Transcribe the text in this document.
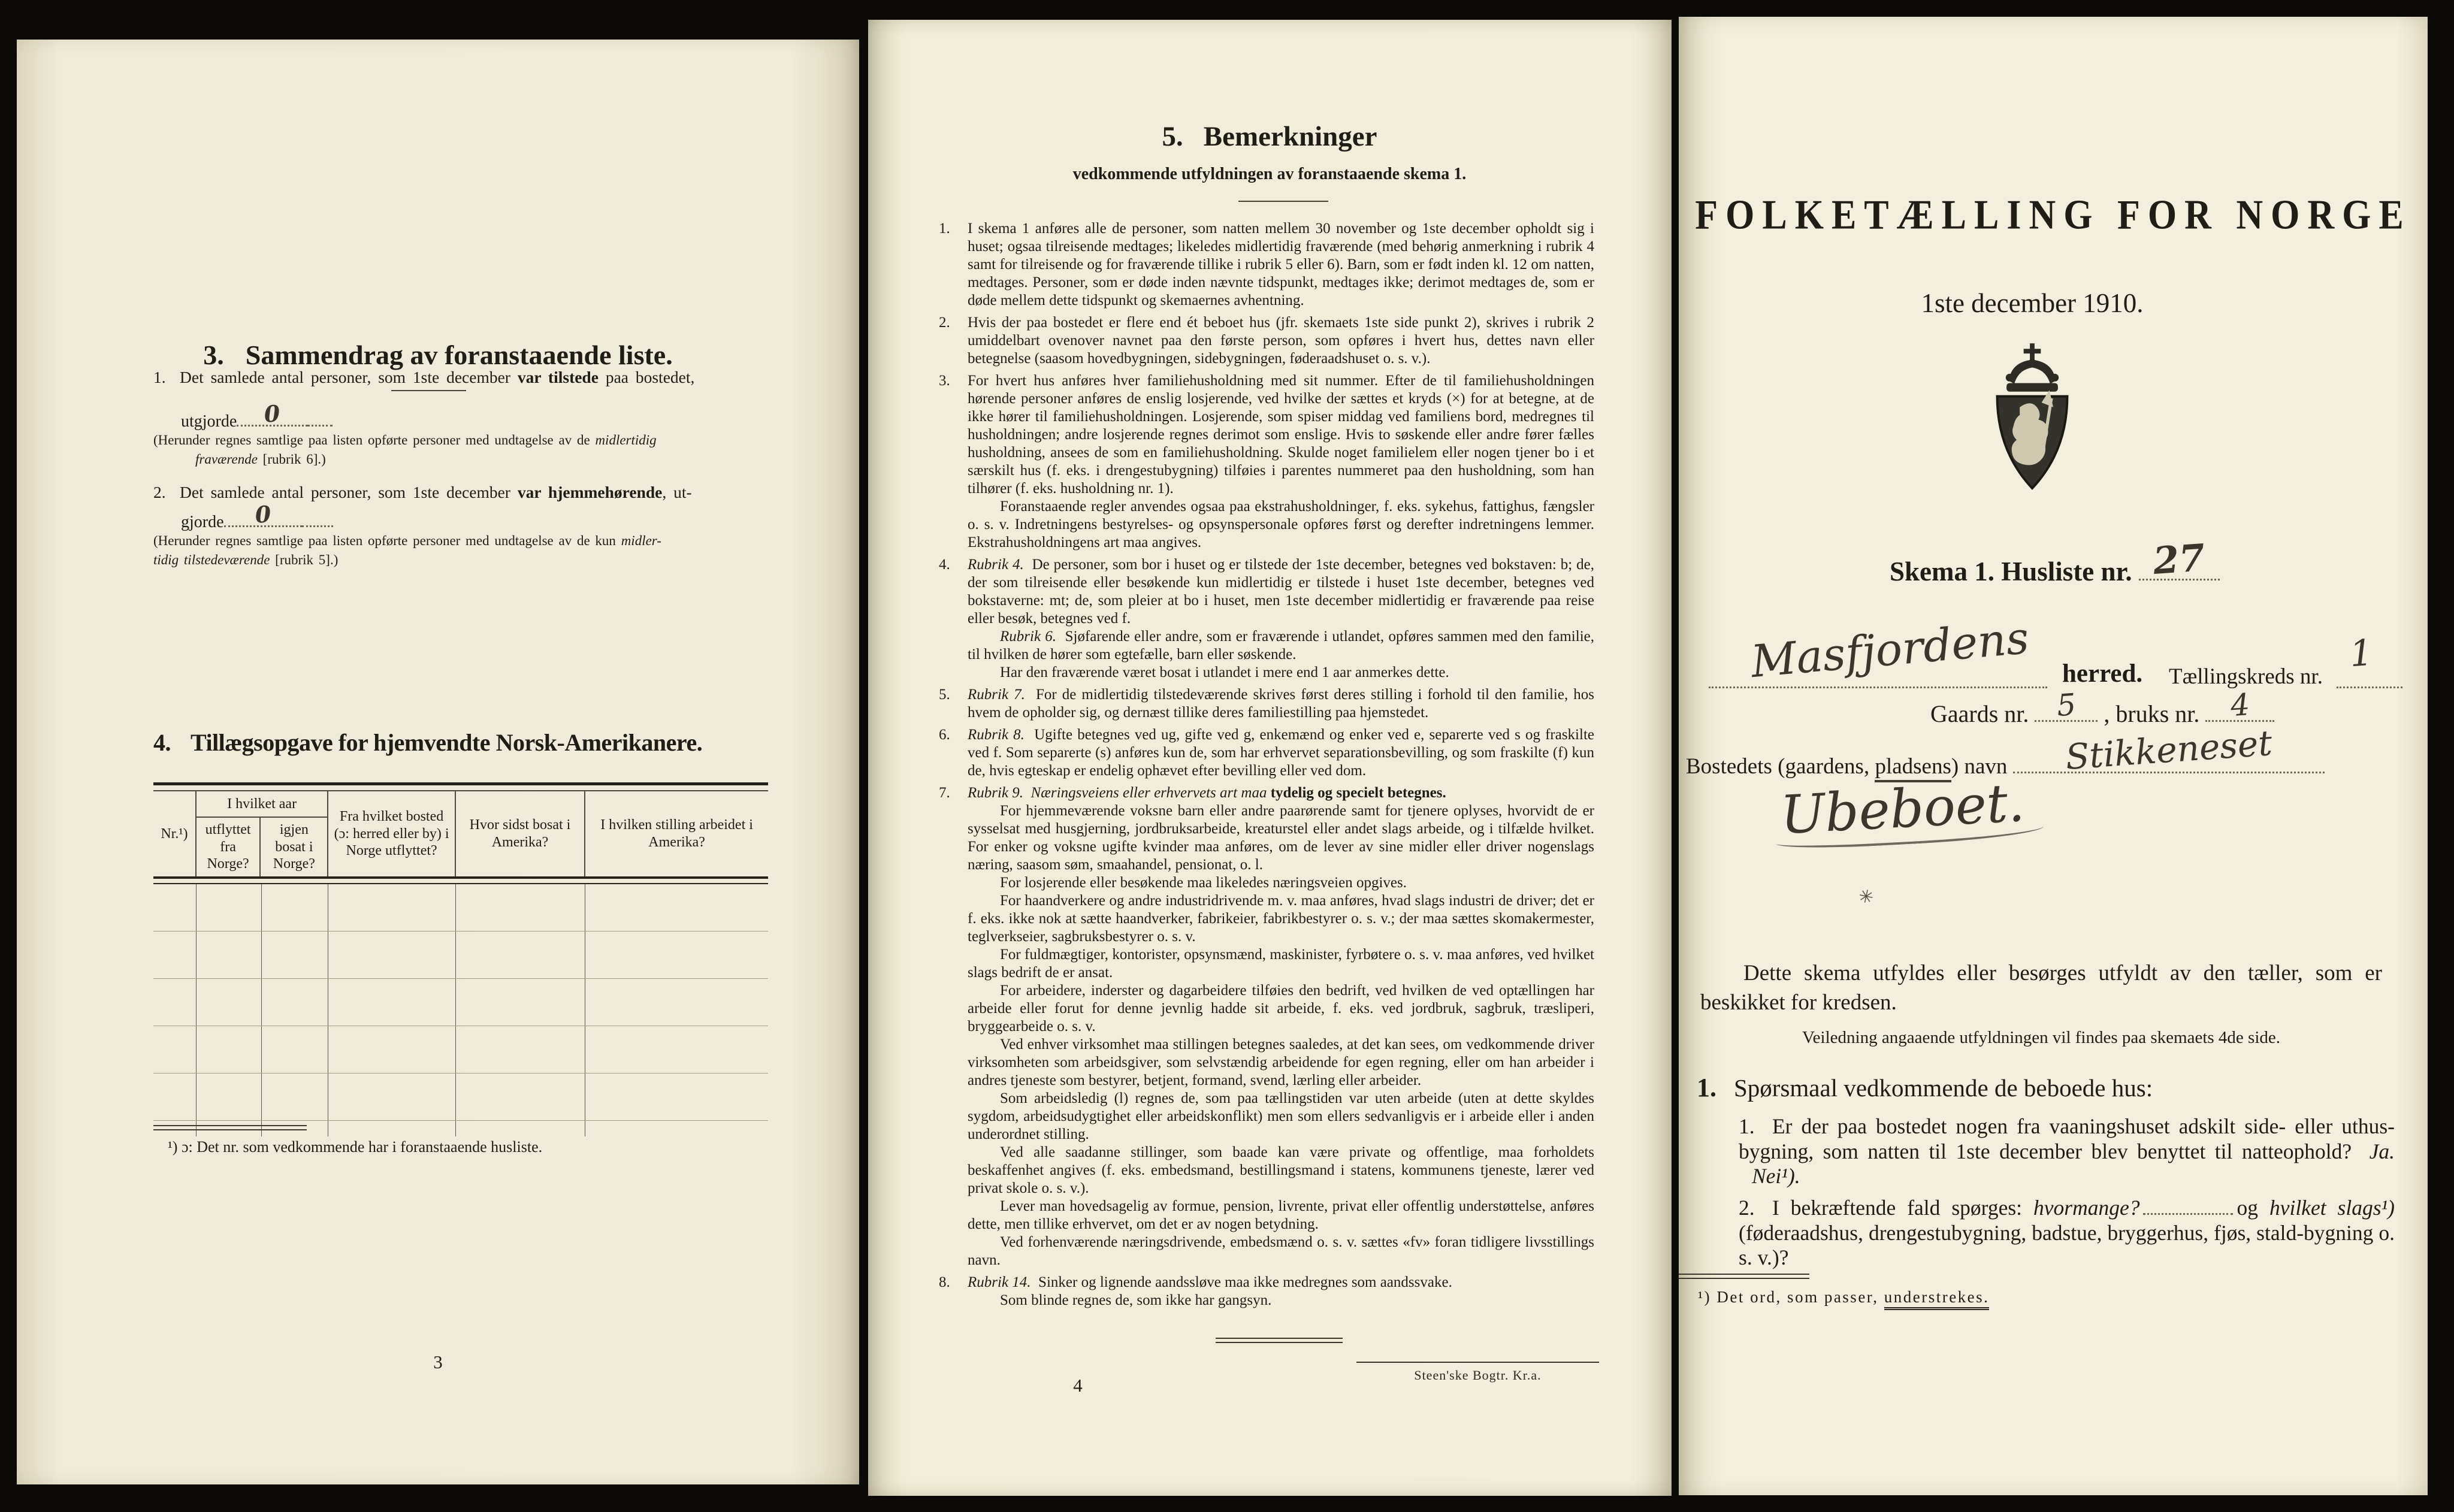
3. Sammendrag av foranstaaende liste.
1. Det samlede antal personer, som 1ste december var tilstede paa bostedet,
utgjorde 0
(Herunder regnes samtlige paa listen opførte personer med undtagelse av de midlertidig
fraværende [rubrik 6].)
2. Det samlede antal personer, som 1ste december var hjemmehørende, ut-
gjorde 0
(Herunder regnes samtlige paa listen opførte personer med undtagelse av de kun midler-
tidig tilstedeværende [rubrik 5].)
4. Tillægsopgave for hjemvendte Norsk-Amerikanere.
Nr.¹)
I hvilket aar
utflyttet fra Norge?
igjen bosat i Norge?
Fra hvilket bosted (ɔ: herred eller by) i Norge utflyttet?
Hvor sidst bosat i Amerika?
I hvilken stilling arbeidet i Amerika?
¹) ɔ: Det nr. som vedkommende har i foranstaaende husliste.
3
5. Bemerkninger
vedkommende utfyldningen av foranstaaende skema 1.
1. I skema 1 anføres alle de personer, som natten mellem 30 november og 1ste december opholdt sig i huset; ogsaa tilreisende medtages; likeledes midlertidig fraværende (med behørig anmerkning i rubrik 4 samt for tilreisende og for fraværende tillike i rubrik 5 eller 6). Barn, som er født inden kl. 12 om natten, medtages. Personer, som er døde inden nævnte tidspunkt, medtages ikke; derimot medtages de, som er døde mellem dette tidspunkt og skemaernes avhentning.

2. Hvis der paa bostedet er flere end ét beboet hus (jfr. skemaets 1ste side punkt 2), skrives i rubrik 2 umiddelbart ovenover navnet paa den første person, som opføres i hvert hus, dettes navn eller betegnelse (saasom hovedbygningen, sidebygningen, føderaadshuset o. s. v.).

3. For hvert hus anføres hver familiehusholdning med sit nummer. Efter de til familiehusholdningen hørende personer anføres de enslig losjerende, ved hvilke der sættes et kryds (×) for at betegne, at de ikke hører til familiehusholdningen. Losjerende, som spiser middag ved familiens bord, medregnes til husholdningen; andre losjerende regnes derimot som enslige. Hvis to søskende eller andre fører fælles husholdning, ansees de som en familiehusholdning. Skulde noget familielem eller nogen tjener bo i et særskilt hus (f. eks. i drengestubygning) tilføies i parentes nummeret paa den husholdning, som han tilhører (f. eks. husholdning nr. 1).

Foranstaaende regler anvendes ogsaa paa ekstrahusholdninger, f. eks. sykehus, fattighus, fængsler o. s. v. Indretningens bestyrelses- og opsynspersonale opføres først og derefter indretningens lemmer. Ekstrahusholdningens art maa angives.

4. Rubrik 4. De personer, som bor i huset og er tilstede der 1ste december, betegnes ved bokstaven: b; de, der som tilreisende eller besøkende kun midlertidig er tilstede i huset 1ste december, betegnes ved bokstaverne: mt; de, som pleier at bo i huset, men 1ste december midlertidig er fraværende paa reise eller besøk, betegnes ved f.

Rubrik 6. Sjøfarende eller andre, som er fraværende i utlandet, opføres sammen med den familie, til hvilken de hører som egtefælle, barn eller søskende.

Har den fraværende været bosat i utlandet i mere end 1 aar anmerkes dette.

5. Rubrik 7. For de midlertidig tilstedeværende skrives først deres stilling i forhold til den familie, hos hvem de opholder sig, og dernæst tillike deres familiestilling paa hjemstedet.

6. Rubrik 8. Ugifte betegnes ved ug, gifte ved g, enkemænd og enker ved e, separerte ved s og fraskilte ved f. Som separerte (s) anføres kun de, som har erhvervet separationsbevilling, og som fraskilte (f) kun de, hvis egteskap er endelig ophævet efter bevilling eller ved dom.

7. Rubrik 9. Næringsveiens eller erhvervets art maa tydelig og specielt betegnes.

For hjemmeværende voksne barn eller andre paarørende samt for tjenere oplyses, hvorvidt de er sysselsat med husgjerning, jordbruksarbeide, kreaturstel eller andet slags arbeide, og i tilfælde hvilket. For enker og voksne ugifte kvinder maa anføres, om de lever av sine midler eller driver nogenslags næring, saasom søm, smaahandel, pensionat, o. l.

For losjerende eller besøkende maa likeledes næringsveien opgives.

For haandverkere og andre industridrivende m. v. maa anføres, hvad slags industri de driver; det er f. eks. ikke nok at sætte haandverker, fabrikeier, fabrikbestyrer o. s. v.; der maa sættes skomakermester, teglverkseier, sagbruksbestyrer o. s. v.

For fuldmægtiger, kontorister, opsynsmænd, maskinister, fyrbøtere o. s. v. maa anføres, ved hvilket slags bedrift de er ansat.

For arbeidere, inderster og dagarbeidere tilføies den bedrift, ved hvilken de ved optællingen har arbeide eller forut for denne jevnlig hadde sit arbeide, f. eks. ved jordbruk, sagbruk, træsliperi, bryggearbeide o. s. v.

Ved enhver virksomhet maa stillingen betegnes saaledes, at det kan sees, om vedkommende driver virksomheten som arbeidsgiver, som selvstændig arbeidende for egen regning, eller om han arbeider i andres tjeneste som bestyrer, betjent, formand, svend, lærling eller arbeider.

Som arbeidsledig (l) regnes de, som paa tællingstiden var uten arbeide (uten at dette skyldes sygdom, arbeidsudygtighet eller arbeidskonflikt) men som ellers sedvanligvis er i arbeide eller i anden underordnet stilling.

Ved alle saadanne stillinger, som baade kan være private og offentlige, maa forholdets beskaffenhet angives (f. eks. embedsmand, bestillingsmand i statens, kommunens tjeneste, lærer ved privat skole o. s. v.).

Lever man hovedsagelig av formue, pension, livrente, privat eller offentlig understøttelse, anføres dette, men tillike erhvervet, om det er av nogen betydning.

Ved forhenværende næringsdrivende, embedsmænd o. s. v. sættes «fv» foran tidligere livsstillings navn.

8. Rubrik 14. Sinker og lignende aandssløve maa ikke medregnes som aandssvake.

Som blinde regnes de, som ikke har gangsyn.

4	Steen'ske Bogtr. Kr.a.
FOLKETÆLLING FOR NORGE
1ste december 1910.
Skema 1. Husliste nr. 27
Masfjordens herred. Tællingskreds nr.
1
Gaards nr. 5 , bruks nr. 4
Bostedets (gaardens, pladsens) navn Stikkeneset
Ubeboet.
✳

Dette skema utfyldes eller besørges utfyldt av den tæller, som er beskikket for kredsen.

Veiledning angaaende utfyldningen vil findes paa skemaets 4de side.
1. Spørsmaal vedkommende de beboede hus:
1. Er der paa bostedet nogen fra vaaningshuset adskilt side- eller uthus-bygning, som natten til 1ste december blev benyttet til natteophold? Ja. Nei¹).
2. I bekræftende fald spørges: hvormange?	og hvilket slags¹) (føderaadshus, drengestubygning, badstue, bryggerhus, fjøs, stald-bygning o. s. v.)?

¹) Det ord, som passer, understrekes.
